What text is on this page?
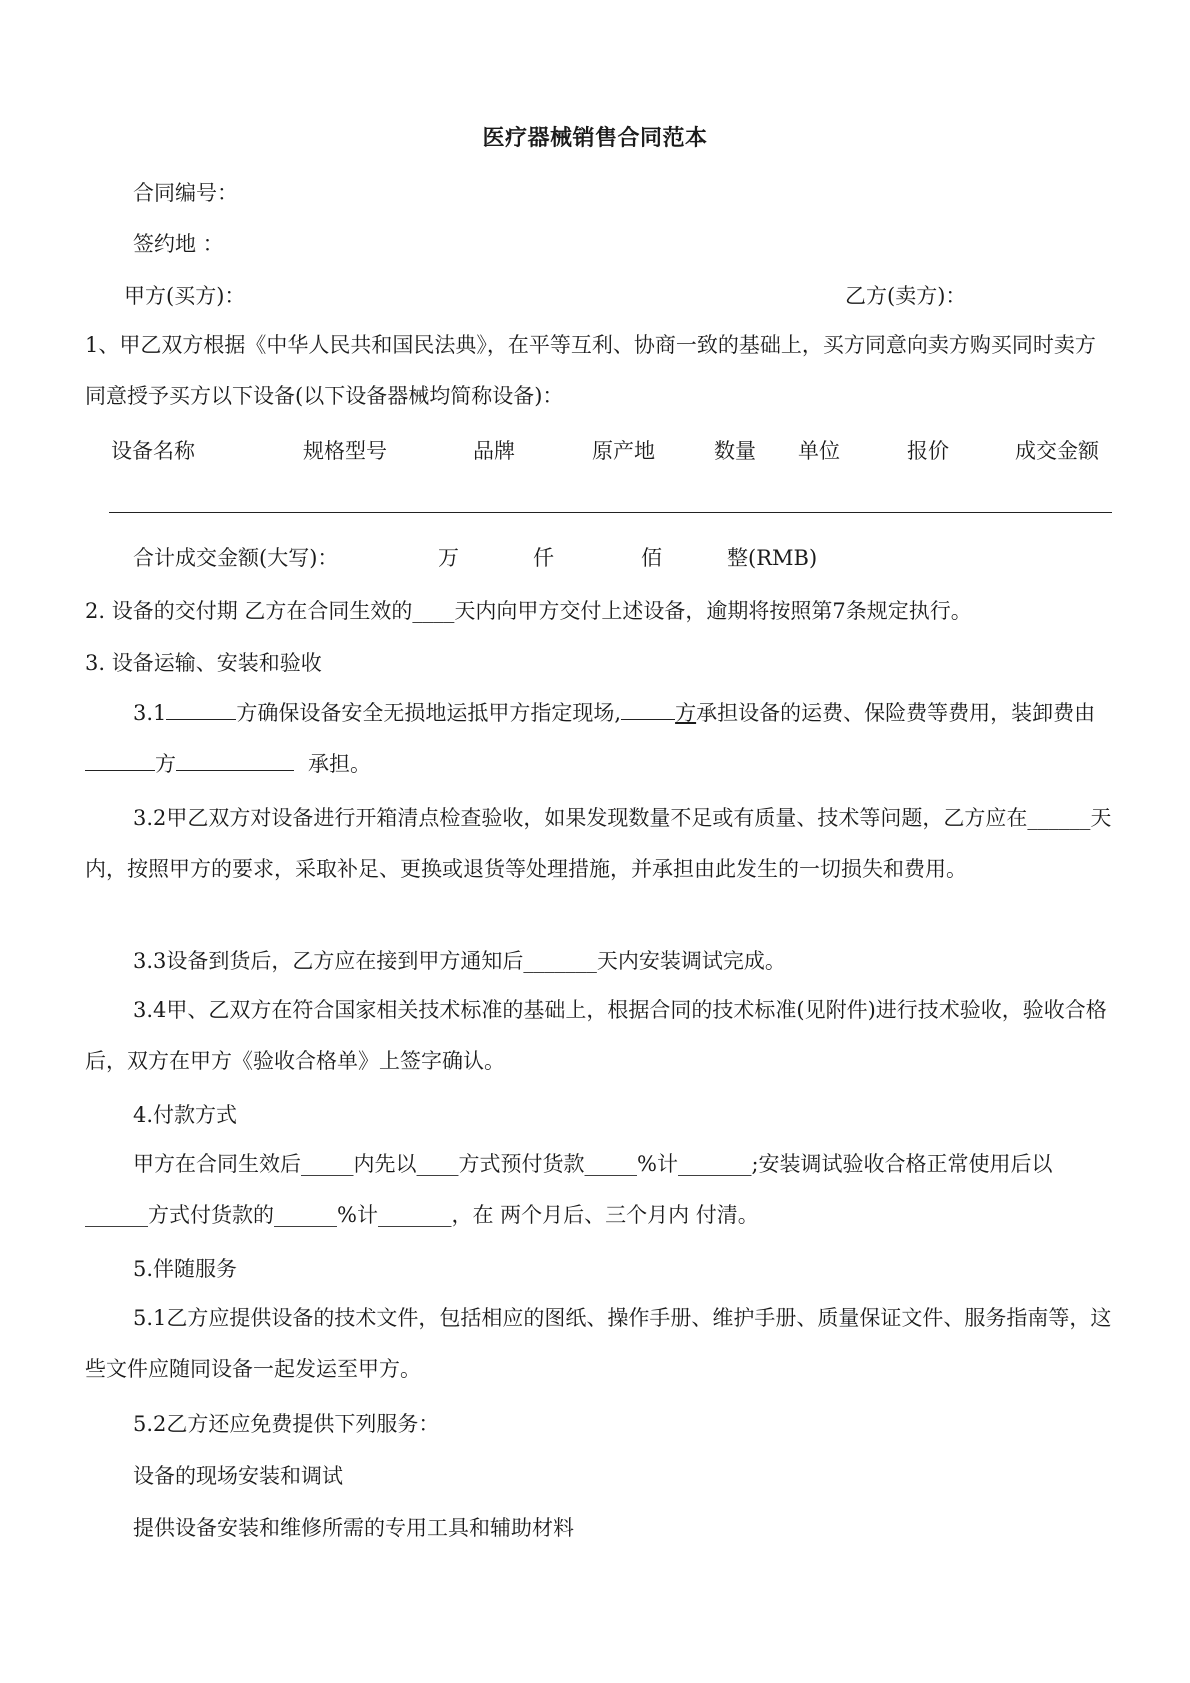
医疗器械销售合同范本
合同编号：
签约地 ：
甲方(买方)：	乙方(卖方)：
1、甲乙双方根据《中华人民共和国民法典》，在平等互利、协商一致的基础上，买方同意向卖方购买同时卖方同意授予买方以下设备(以下设备器械均简称设备)：
设备名称	规格型号	品牌	原产地	数量 单位	报价	成交金额
合计成交金额(大写)：	万	仟	佰	整(RMB)
2. 设备的交付期 乙方在合同生效的____天内向甲方交付上述设备，逾期将按照第7条规定执行。
3. 设备运输、安装和验收
3.1	方确保设备安全无损地运抵甲方指定现场,	方承担设备的运费、保险费等费用，装卸费由方	承担。
3.2甲乙双方对设备进行开箱清点检查验收，如果发现数量不足或有质量、技术等问题，乙方应在______天内，按照甲方的要求，采取补足、更换或退货等处理措施，并承担由此发生的一切损失和费用。
3.3设备到货后，乙方应在接到甲方通知后_______天内安装调试完成。
3.4甲、乙双方在符合国家相关技术标准的基础上，根据合同的技术标准(见附件)进行技术验收，验收合格后，双方在甲方《验收合格单》上签字确认。
4.付款方式
甲方在合同生效后_____内先以____方式预付货款_____%计_______;安装调试验收合格正常使用后以______方式付货款的______%计_______，在 两个月后、三个月内 付清。
5.伴随服务
5.1乙方应提供设备的技术文件，包括相应的图纸、操作手册、维护手册、质量保证文件、服务指南等，这些文件应随同设备一起发运至甲方。
5.2乙方还应免费提供下列服务：
设备的现场安装和调试
提供设备安装和维修所需的专用工具和辅助材料
